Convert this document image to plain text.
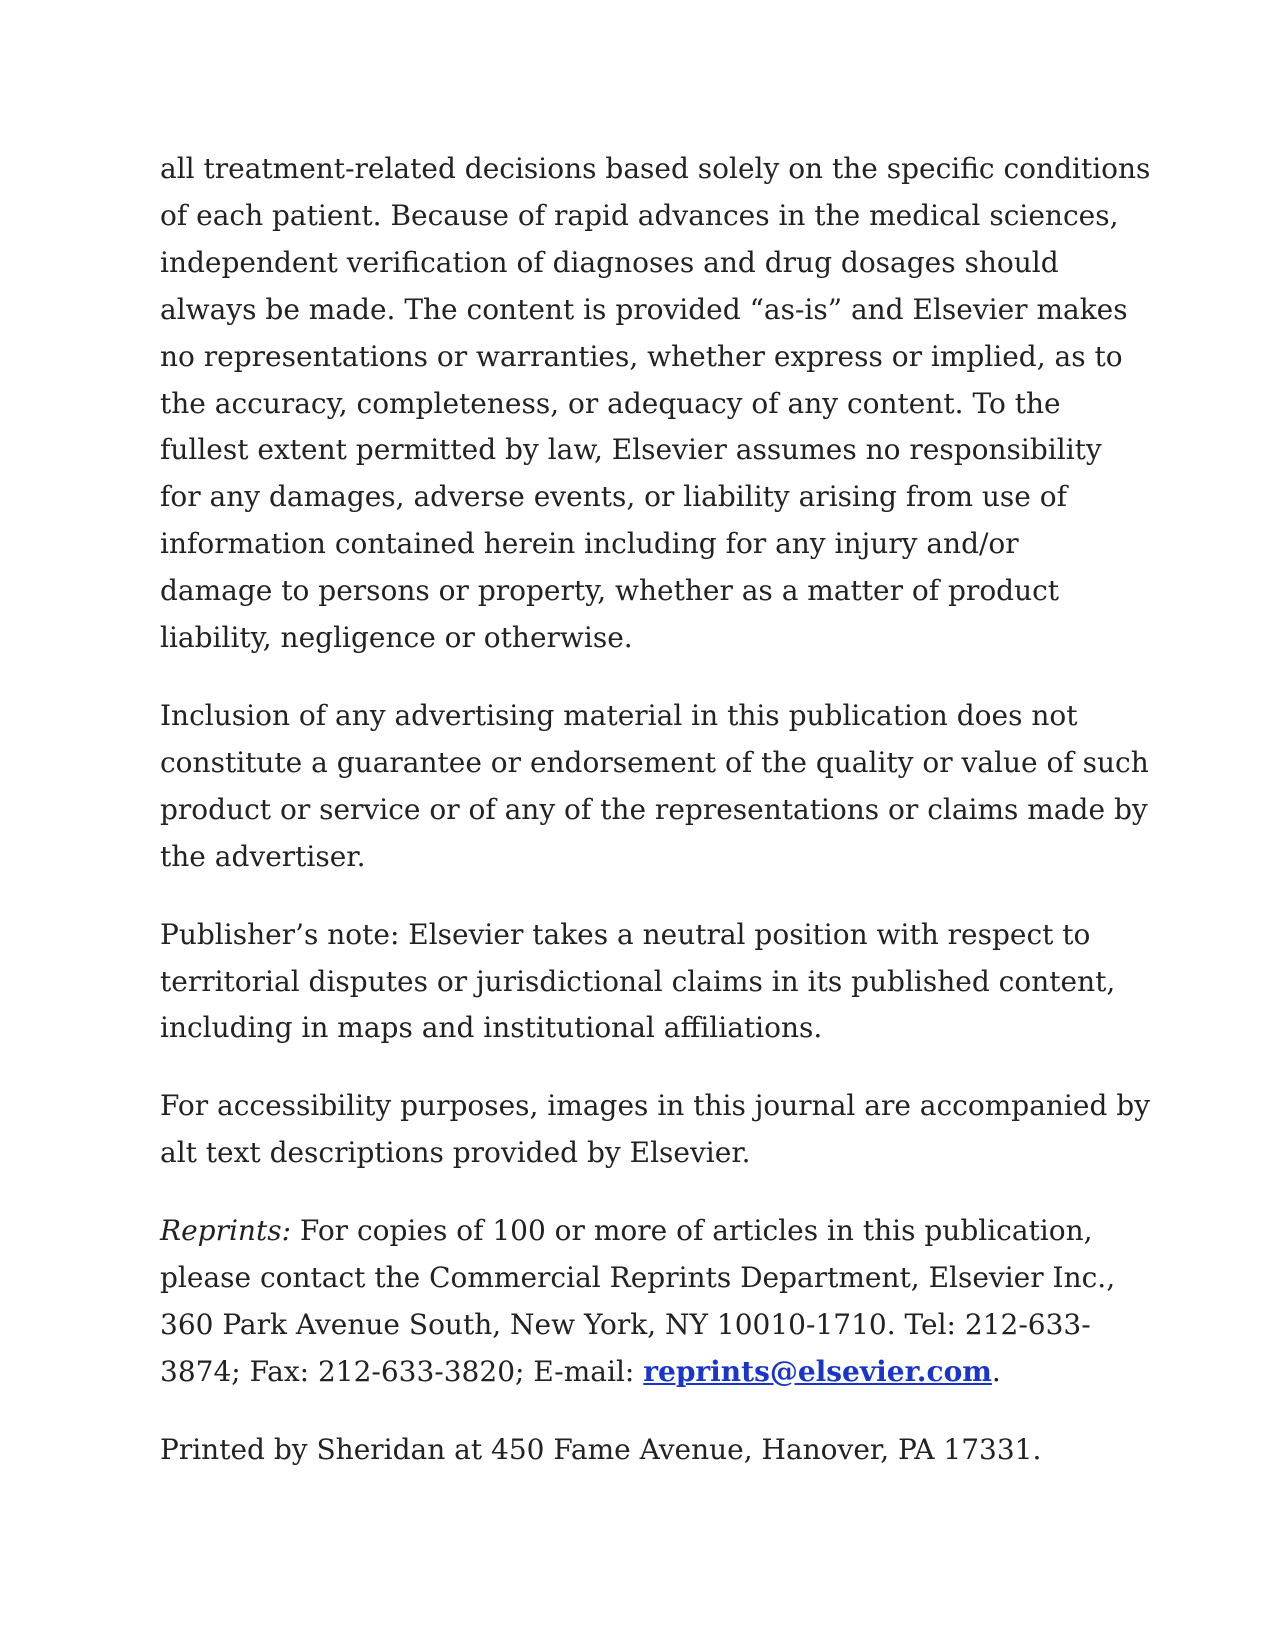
all treatment-related decisions based solely on the specific conditions
of each patient. Because of rapid advances in the medical sciences,
independent verification of diagnoses and drug dosages should
always be made. The content is provided “as-is” and Elsevier makes
no representations or warranties, whether express or implied, as to
the accuracy, completeness, or adequacy of any content. To the
fullest extent permitted by law, Elsevier assumes no responsibility
for any damages, adverse events, or liability arising from use of
information contained herein including for any injury and/or
damage to persons or property, whether as a matter of product
liability, negligence or otherwise.

Inclusion of any advertising material in this publication does not
constitute a guarantee or endorsement of the quality or value of such
product or service or of any of the representations or claims made by
the advertiser.

Publisher’s note: Elsevier takes a neutral position with respect to
territorial disputes or jurisdictional claims in its published content,
including in maps and institutional affiliations.

For accessibility purposes, images in this journal are accompanied by
alt text descriptions provided by Elsevier.

Reprints: For copies of 100 or more of articles in this publication,
please contact the Commercial Reprints Department, Elsevier Inc.,
360 Park Avenue South, New York, NY 10010-1710. Tel: 212-633-
3874; Fax: 212-633-3820; E-mail: reprints@elsevier.com.

Printed by Sheridan at 450 Fame Avenue, Hanover, PA 17331.
